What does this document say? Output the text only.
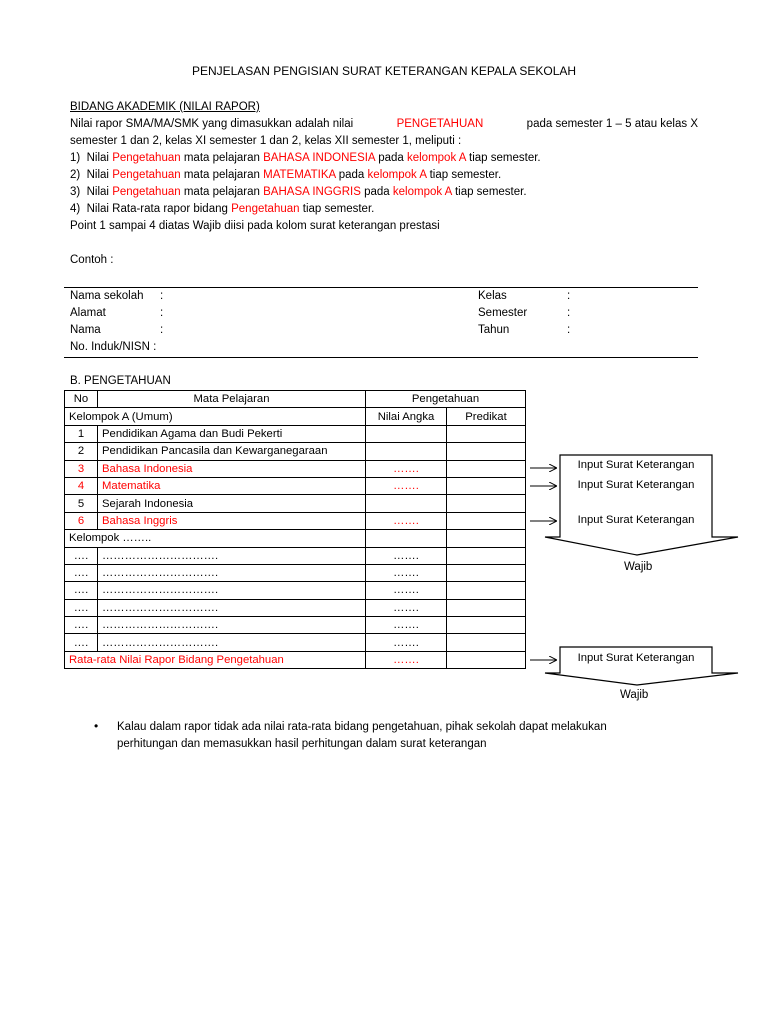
PENJELASAN PENGISIAN SURAT KETERANGAN KEPALA SEKOLAH
BIDANG AKADEMIK (NILAI RAPOR)
Nilai rapor SMA/MA/SMK yang dimasukkan adalah nilai	PENGETAHUAN	pada semester 1 – 5 atau kelas X
semester 1 dan 2, kelas XI semester 1 dan 2, kelas XII semester 1, meliputi :
1) Nilai Pengetahuan mata pelajaran BAHASA INDONESIA pada kelompok A tiap semester.
2) Nilai Pengetahuan mata pelajaran MATEMATIKA pada kelompok A tiap semester.
3) Nilai Pengetahuan mata pelajaran BAHASA INGGRIS pada kelompok A tiap semester.
4) Nilai Rata-rata rapor bidang Pengetahuan tiap semester.
Point 1 sampai 4 diatas Wajib diisi pada kolom surat keterangan prestasi
Contoh :
Nama sekolah :
Alamat	:
Nama	:
No. Induk/NISN :
Kelas	:
Semester	:
Tahun	:
B. PENGETAHUAN
No	Mata Pelajaran	Pengetahuan	
Kelompok A (Umum)		Nilai Angka	Predikat
1	Pendidikan Agama dan Budi Pekerti		
2	Pendidikan Pancasila dan Kewarganegaraan		
3	Bahasa Indonesia	…….	
4	Matematika	…….	
5	Sejarah Indonesia		
6	Bahasa Inggris	…….	
Kelompok ……..			
….	………………………….	…….	
….	………………………….	…….	
….	………………………….	…….	
….	………………………….	…….	
….	………………………….	…….	
….	………………………….	…….	
Rata-rata Nilai Rapor Bidang Pengetahuan		…….	
Input Surat Keterangan
Input Surat Keterangan
Input Surat Keterangan
Input Surat Keterangan
Wajib
Wajib
• Kalau dalam rapor tidak ada nilai rata-rata bidang pengetahuan, pihak sekolah dapat melakukan
perhitungan dan memasukkan hasil perhitungan dalam surat keterangan
